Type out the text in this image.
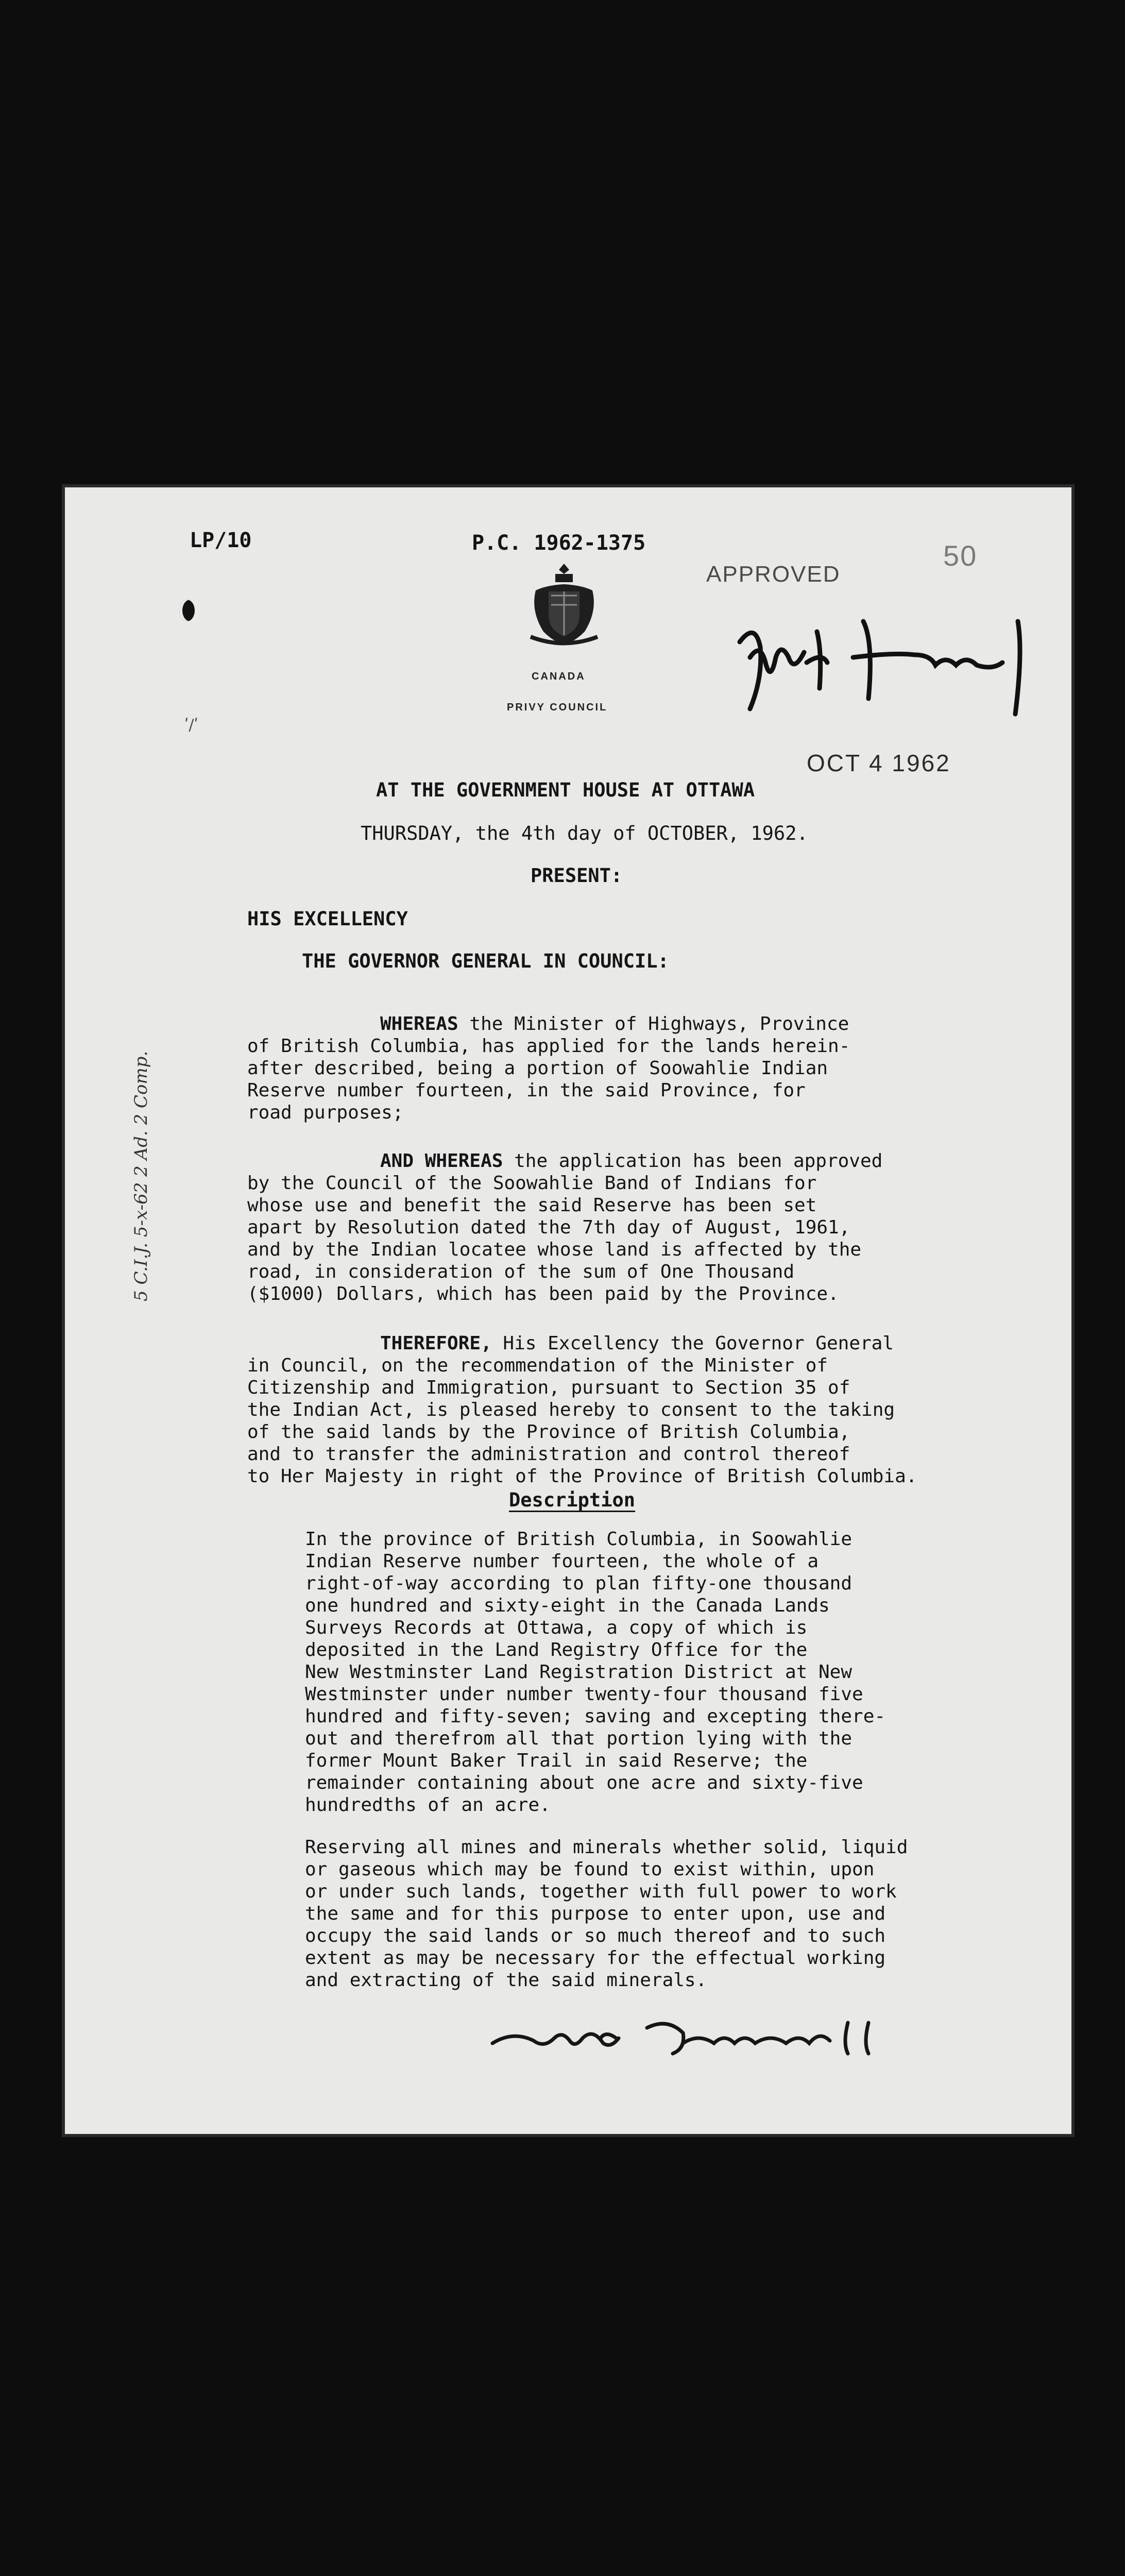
LP/10	P.C. 1962-1375	50
APPROVED
CANADA
PRIVY COUNCIL
ʹ/ʹ
OCT 4 1962
AT THE GOVERNMENT HOUSE AT OTTAWA
THURSDAY, the 4th day of OCTOBER, 1962.
PRESENT:
HIS EXCELLENCY
THE GOVERNOR GENERAL IN COUNCIL:
WHEREAS the Minister of Highways, Province
of British Columbia, has applied for the lands herein-
after described, being a portion of Soowahlie Indian
Reserve number fourteen, in the said Province, for
road purposes;
AND WHEREAS the application has been approved
by the Council of the Soowahlie Band of Indians for
whose use and benefit the said Reserve has been set
apart by Resolution dated the 7th day of August, 1961,
and by the Indian locatee whose land is affected by the
road, in consideration of the sum of One Thousand
($1000) Dollars, which has been paid by the Province.
THEREFORE, His Excellency the Governor General
in Council, on the recommendation of the Minister of
Citizenship and Immigration, pursuant to Section 35 of
the Indian Act, is pleased hereby to consent to the taking
of the said lands by the Province of British Columbia,
and to transfer the administration and control thereof
to Her Majesty in right of the Province of British Columbia.
Description
In the province of British Columbia, in Soowahlie
Indian Reserve number fourteen, the whole of a
right-of-way according to plan fifty-one thousand
one hundred and sixty-eight in the Canada Lands
Surveys Records at Ottawa, a copy of which is
deposited in the Land Registry Office for the
New Westminster Land Registration District at New
Westminster under number twenty-four thousand five
hundred and fifty-seven; saving and excepting there-
out and therefrom all that portion lying with the
former Mount Baker Trail in said Reserve; the
remainder containing about one acre and sixty-five
hundredths of an acre.
Reserving all mines and minerals whether solid, liquid
or gaseous which may be found to exist within, upon
or under such lands, together with full power to work
the same and for this purpose to enter upon, use and
occupy the said lands or so much thereof and to such
extent as may be necessary for the effectual working
and extracting of the said minerals.
5 C.I.J. 5-x-62 2 Ad. 2 Comp.
